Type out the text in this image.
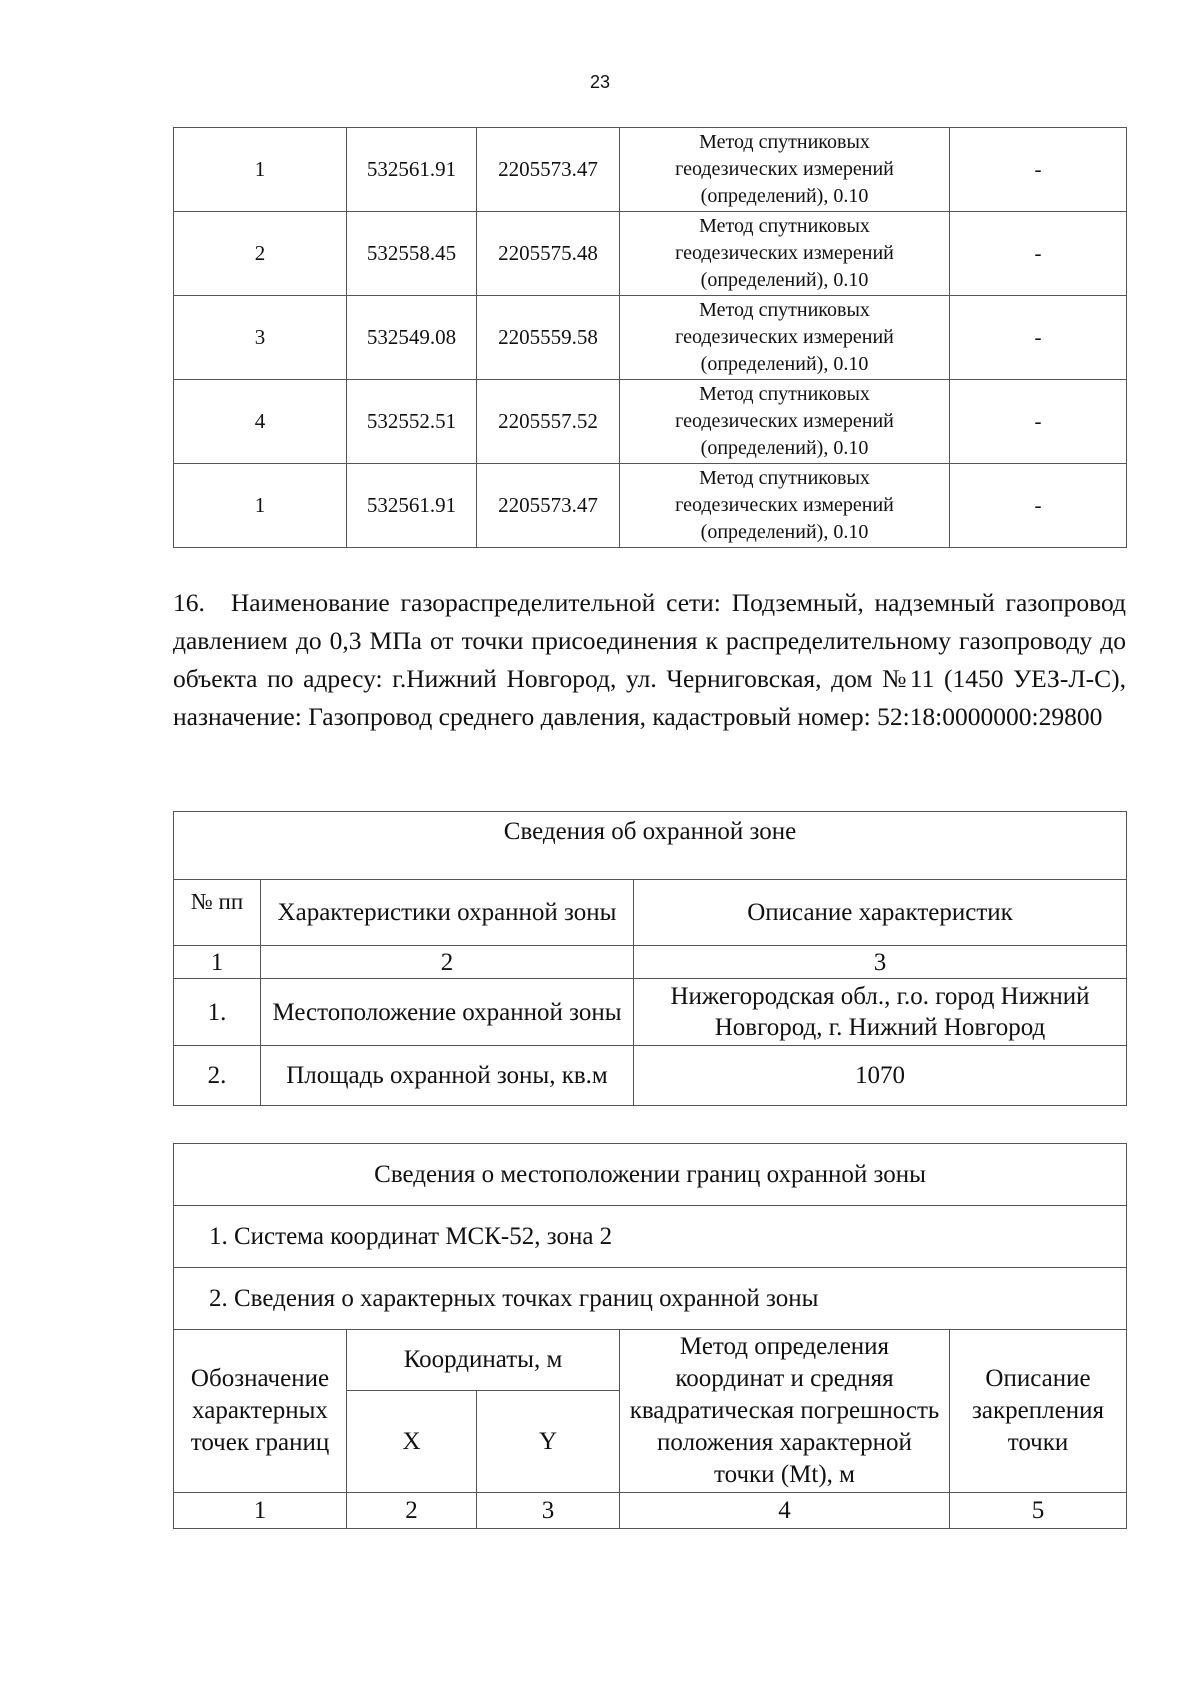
23
1	532561.91	2205573.47	Метод спутниковых
геодезических измерений
(определений), 0.10	-
2	532558.45	2205575.48	Метод спутниковых
геодезических измерений
(определений), 0.10	-
3	532549.08	2205559.58	Метод спутниковых
геодезических измерений
(определений), 0.10	-
4	532552.51	2205557.52	Метод спутниковых
геодезических измерений
(определений), 0.10	-
1	532561.91	2205573.47	Метод спутниковых
геодезических измерений
(определений), 0.10	-
16. Наименование газораспределительной сети: Подземный, надземный газопровод давлением до 0,3 МПа от точки присоединения к распределительному газопроводу до объекта по адресу: г.Нижний Новгород, ул. Черниговская, дом №11 (1450 УЕЗ-Л-С), назначение: Газопровод среднего давления, кадастровый номер: 52:18:0000000:29800
Сведения об охранной зоне		
№ пп	Характеристики охранной зоны	Описание характеристик
1	2	3
1.	Местоположение охранной зоны	Нижегородская обл., г.о. город Нижний Новгород, г. Нижний Новгород
2.	Площадь охранной зоны, кв.м	1070
Сведения о местоположении границ охранной зоны				
1. Система координат МСК-52, зона 2				
2. Сведения о характерных точках границ охранной зоны				
Обозначение характерных точек границ	Координаты, м		Метод определения координат и средняя квадратическая погрешность положения характерной точки (Mt), м	Описание закрепления точки
	X	Y		
1	2	3	4	5
